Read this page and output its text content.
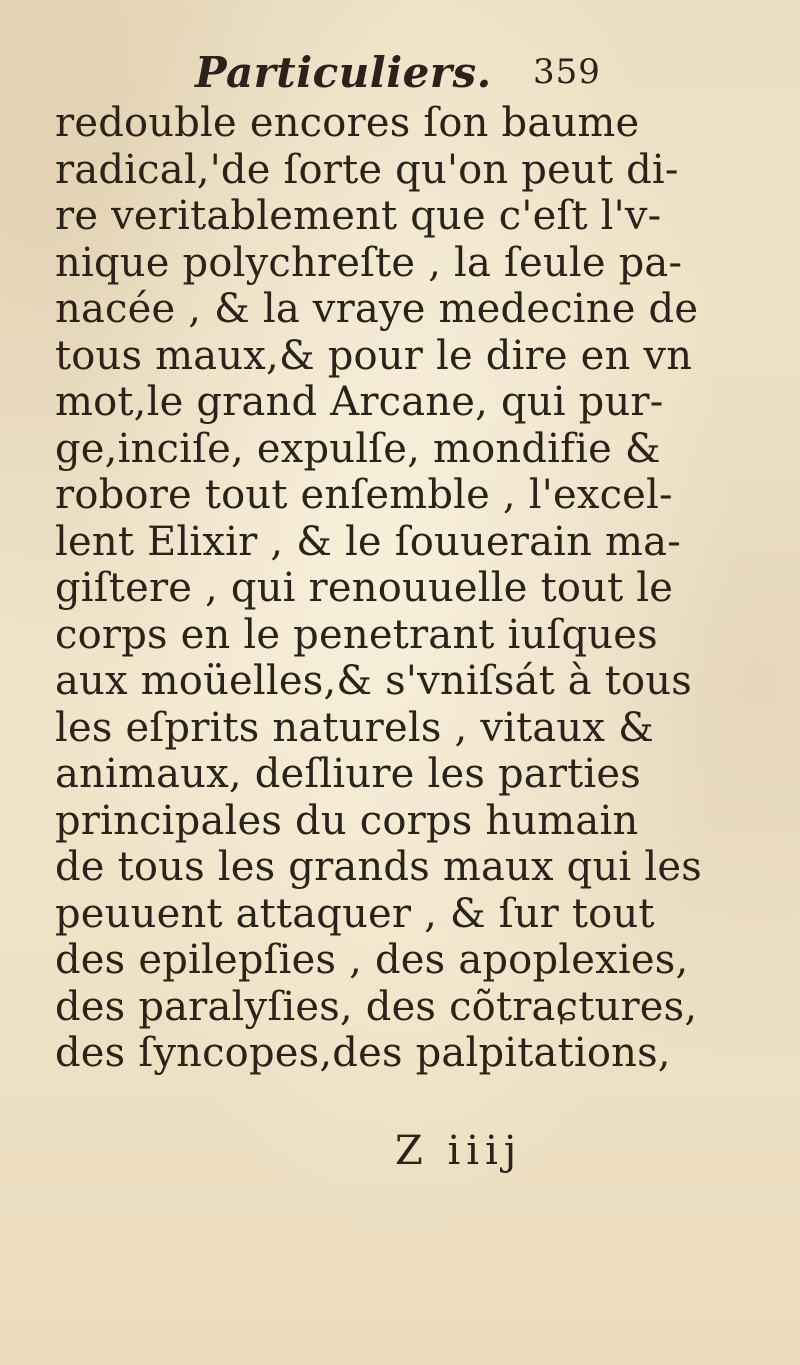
Particuliers. 359
redouble encores ſon baume
radical,'de ſorte qu'on peut di-
re veritablement que c'eſt l'v-
nique polychreſte , la ſeule pa-
nacée , & la vraye medecine de
tous maux,& pour le dire en vn
mot,le grand Arcane, qui pur-
ge,inciſe, expulſe, mondifie &
robore tout enſemble , l'excel-
lent Elixir , & le ſouuerain ma-
giſtere , qui renouuelle tout le
corps en le penetrant iuſques
aux moüelles,& s'vniſsát à tous
les eſprits naturels , vitaux &
animaux, deſliure les parties
principales du corps humain
de tous les grands maux qui les
peuuent attaquer , & ſur tout
des epilepſies , des apoplexies,
des paralyſies, des cõtraɕtures,
des ſyncopes,des palpitations,
Z iiij
